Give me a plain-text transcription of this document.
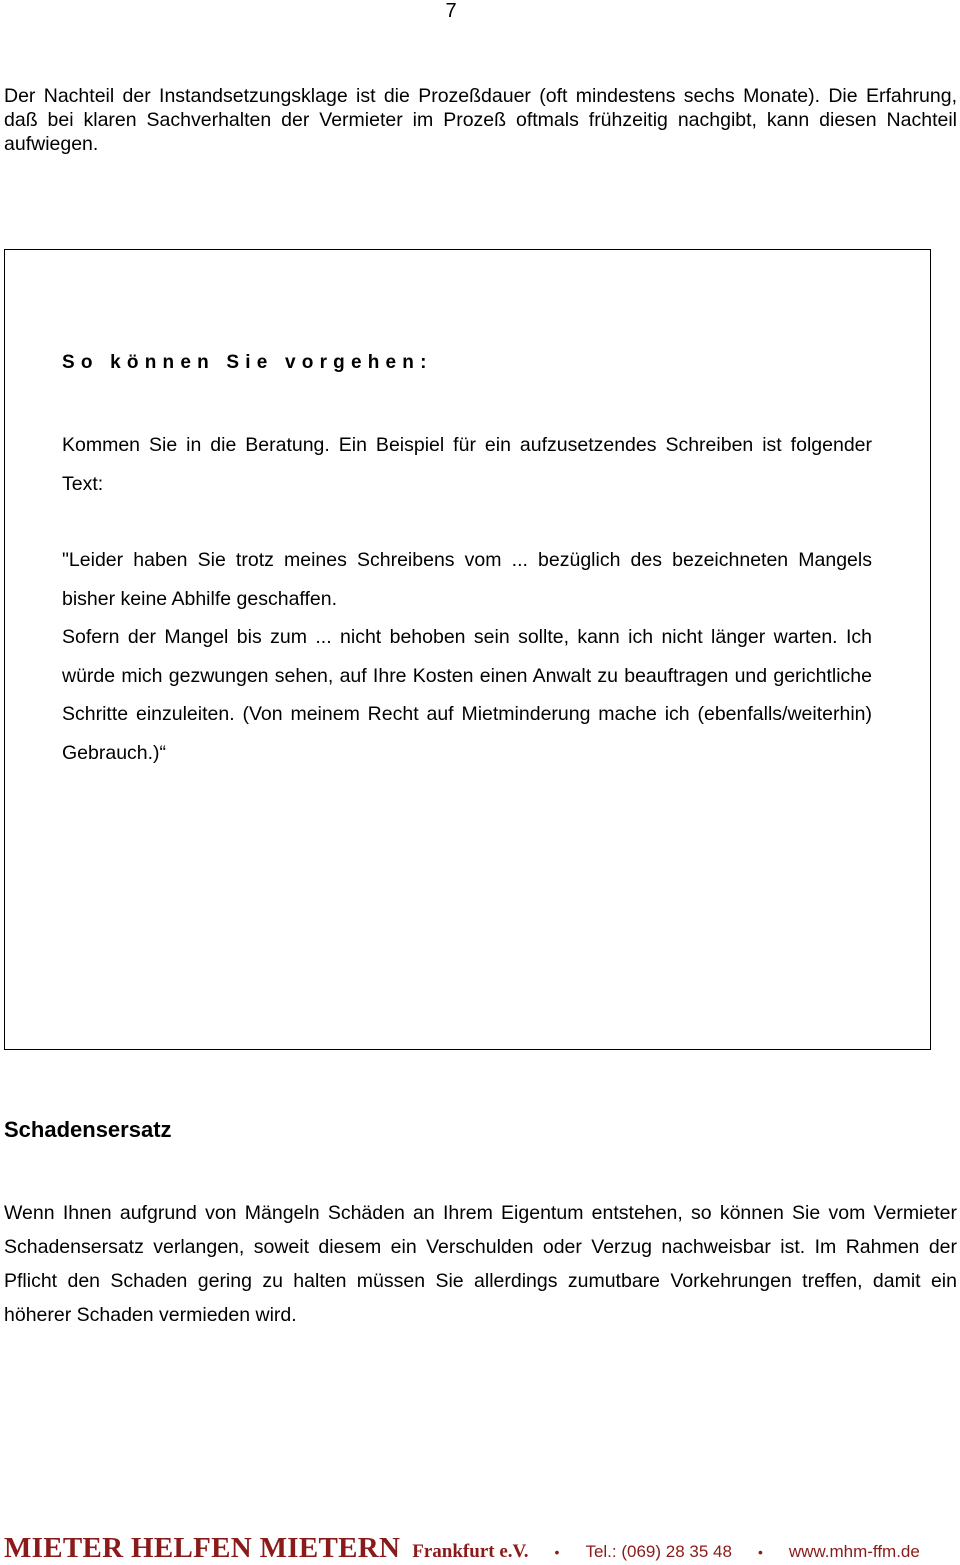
7
Der Nachteil der Instandsetzungsklage ist die Prozeßdauer (oft mindestens sechs Monate). Die Erfahrung, daß bei klaren Sachverhalten der Vermieter im Prozeß oftmals frühzeitig nachgibt, kann diesen Nachteil aufwiegen.
So können Sie vorgehen:

Kommen Sie in die Beratung. Ein Beispiel für ein aufzusetzendes Schreiben ist folgender Text:

"Leider haben Sie trotz meines Schreibens vom ... bezüglich des bezeichneten Mangels bisher keine Abhilfe geschaffen.

Sofern der Mangel bis zum ... nicht behoben sein sollte, kann ich nicht länger warten. Ich würde mich gezwungen sehen, auf Ihre Kosten einen Anwalt zu beauftragen und gerichtliche Schritte einzuleiten. (Von meinem Recht auf Mietminderung mache ich (ebenfalls/weiterhin) Gebrauch.)“

Schadensersatz
Wenn Ihnen aufgrund von Mängeln Schäden an Ihrem Eigentum entstehen, so können Sie vom Vermieter Schadensersatz verlangen, soweit diesem ein Verschulden oder Verzug nachweisbar ist. Im Rahmen der Pflicht den Schaden gering zu halten müssen Sie allerdings zumutbare Vorkehrungen treffen, damit ein höherer Schaden vermieden wird.
MIETER HELFEN MIETERN Frankfurt e.V. • Tel.: (069) 28 35 48 • www.mhm-ffm.de
